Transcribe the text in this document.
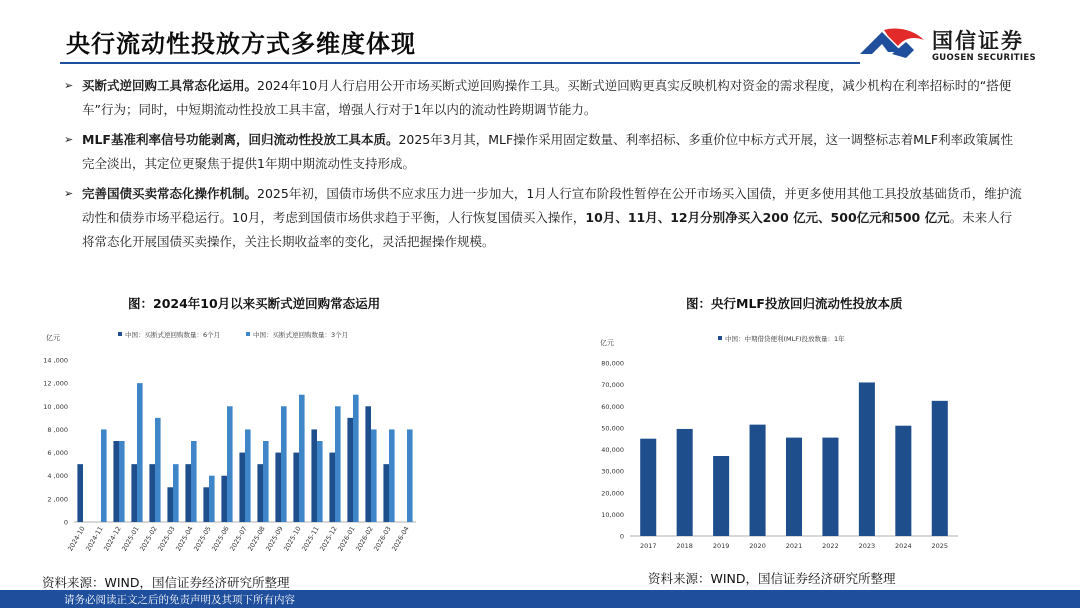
央行流动性投放方式多维度体现	国信证券
GUOSEN SECURITIES
➢ 买断式逆回购工具常态化运用。2024年10月人行启用公开市场买断式逆回购操作工具。买断式逆回购更真实反映机构对资金的需求程度，减少机构在利率招标时的“搭便车”行为；同时，中短期流动性投放工具丰富，增强人行对于1年以内的流动性跨期调节能力。
➢ MLF基准利率信号功能剥离，回归流动性投放工具本质。2025年3月其，MLF操作采用固定数量、利率招标、多重价位中标方式开展，这一调整标志着MLF利率政策属性完全淡出，其定位更聚焦于提供1年期中期流动性支持形成。
➢ 完善国债买卖常态化操作机制。2025年初，国债市场供不应求压力进一步加大，1月人行宣布阶段性暂停在公开市场买入国债，并更多使用其他工具投放基础货币，维护流动性和债券市场平稳运行。10月，考虑到国债市场供求趋于平衡，人行恢复国债买入操作，10月、11月、12月分别净买入200 亿元、500亿元和500 亿元。未来人行将常态化开展国债买卖操作，关注长期收益率的变化，灵活把握操作规模。
图：2024年10月以来买断式逆回购常态运用	图：央行MLF投放回归流动性投放本质
亿元	中国：买断式逆回购数量：6个月	中国：买断式逆回购数量：3个月
0
2 ,000
4 ,000
6 ,000
8 ,000
10 ,000
12 ,000
14 ,000
2024-10
2024-11
2024-12
2025-01
2025-02
2025-03
2025-04
2025-05
2025-06
2025-07
2025-08
2025-09
2025-10
2025-11
2025-12
2026-01
2026-02
2026-03
2026-04
亿元	中国：中期借贷便利(MLF)投放数量：1年
0
10,000
20,000
30,000
40,000
50,000
60,000
70,000
80,000
2017	2018	2019	2020	2021	2022	2023	2024	2025
资料来源：WIND，国信证券经济研究所整理	资料来源：WIND，国信证券经济研究所整理
请务必阅读正文之后的免责声明及其项下所有内容
